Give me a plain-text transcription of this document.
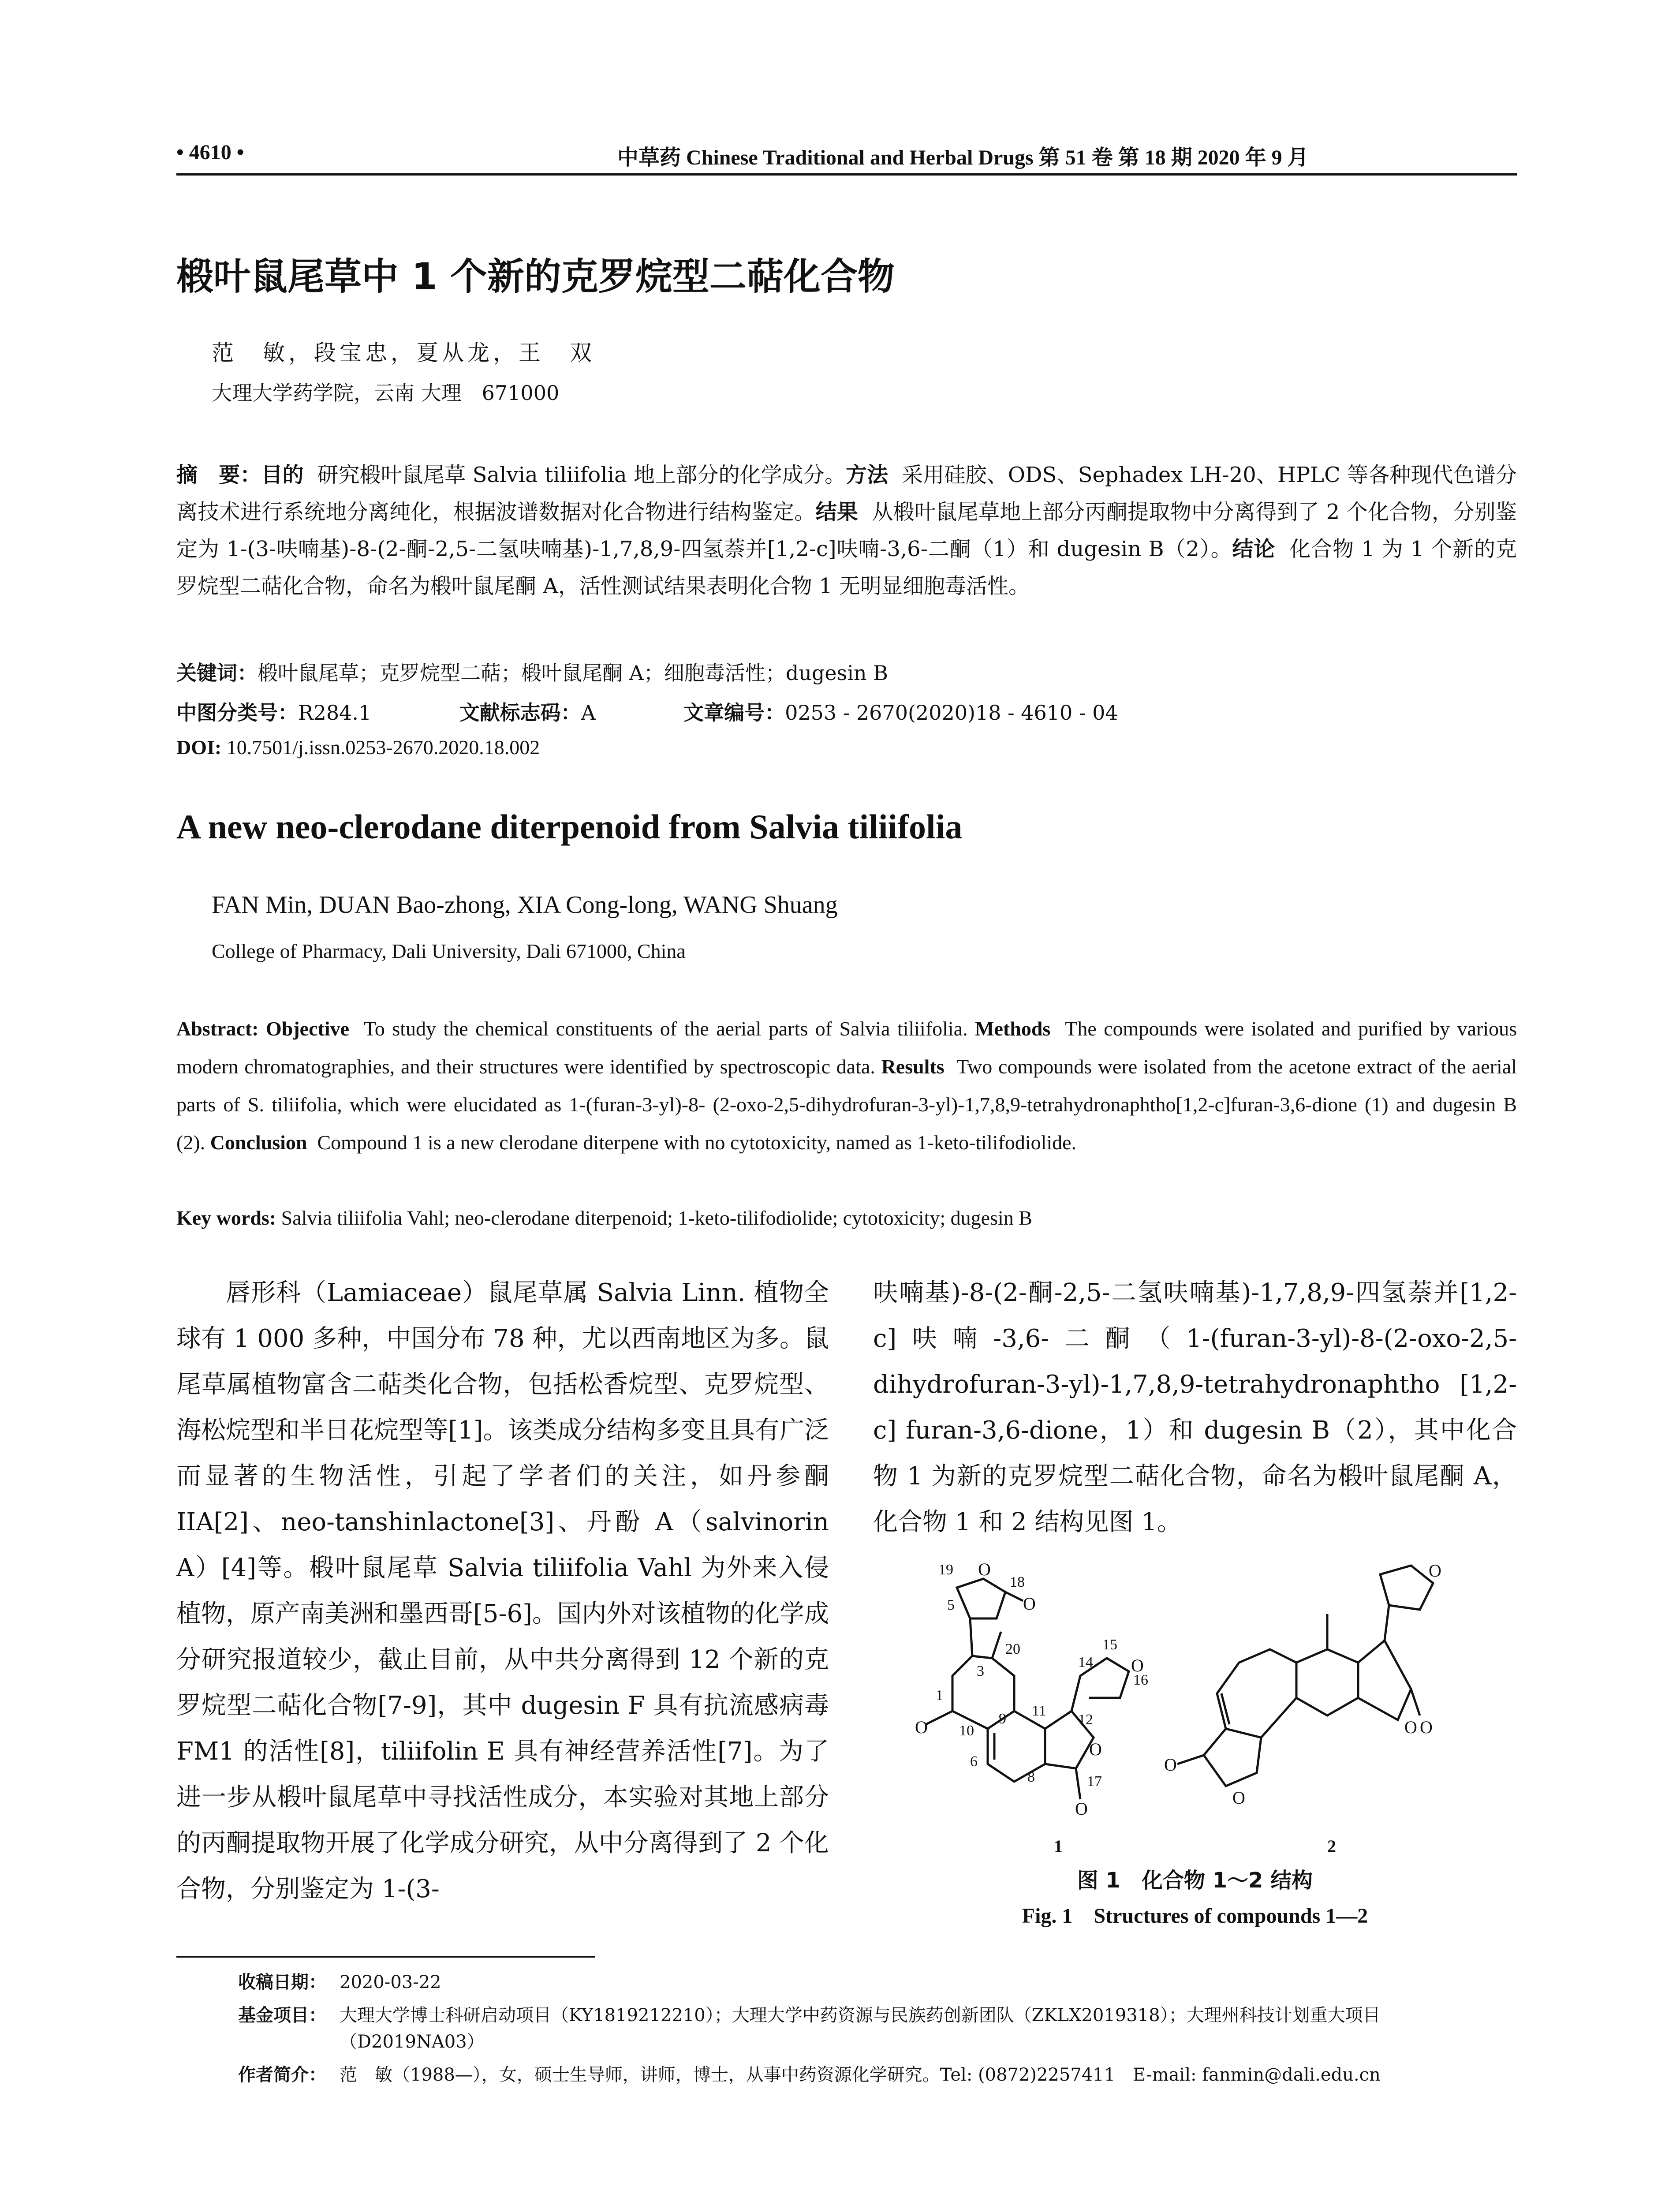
• 4610 •	中草药 Chinese Traditional and Herbal Drugs 第 51 卷 第 18 期 2020 年 9 月
椴叶鼠尾草中 1 个新的克罗烷型二萜化合物
范　敏，段宝忠，夏从龙，王　双
大理大学药学院，云南 大理　671000
摘　要：目的 研究椴叶鼠尾草 Salvia tiliifolia 地上部分的化学成分。方法 采用硅胶、ODS、Sephadex LH-20、HPLC 等各种现代色谱分离技术进行系统地分离纯化，根据波谱数据对化合物进行结构鉴定。结果 从椴叶鼠尾草地上部分丙酮提取物中分离得到了 2 个化合物，分别鉴定为 1-(3-呋喃基)-8-(2-酮-2,5-二氢呋喃基)-1,7,8,9-四氢萘并[1,2-c]呋喃-3,6-二酮（1）和 dugesin B（2）。结论 化合物 1 为 1 个新的克罗烷型二萜化合物，命名为椴叶鼠尾酮 A，活性测试结果表明化合物 1 无明显细胞毒活性。
关键词：椴叶鼠尾草；克罗烷型二萜；椴叶鼠尾酮 A；细胞毒活性；dugesin B
中图分类号：R284.1	文献标志码：A	文章编号：0253 - 2670(2020)18 - 4610 - 04
DOI: 10.7501/j.issn.0253-2670.2020.18.002
A new neo-clerodane diterpenoid from Salvia tiliifolia
FAN Min, DUAN Bao-zhong, XIA Cong-long, WANG Shuang
College of Pharmacy, Dali University, Dali 671000, China
Abstract: Objective To study the chemical constituents of the aerial parts of Salvia tiliifolia. Methods The compounds were isolated and purified by various modern chromatographies, and their structures were identified by spectroscopic data. Results Two compounds were isolated from the acetone extract of the aerial parts of S. tiliifolia, which were elucidated as 1-(furan-3-yl)-8- (2-oxo-2,5-dihydrofuran-3-yl)-1,7,8,9-tetrahydronaphtho[1,2-c]furan-3,6-dione (1) and dugesin B (2). Conclusion Compound 1 is a new clerodane diterpene with no cytotoxicity, named as 1-keto-tilifodiolide.
Key words: Salvia tiliifolia Vahl; neo-clerodane diterpenoid; 1-keto-tilifodiolide; cytotoxicity; dugesin B
唇形科（Lamiaceae）鼠尾草属 Salvia Linn. 植物全球有 1 000 多种，中国分布 78 种，尤以西南地区为多。鼠尾草属植物富含二萜类化合物，包括松香烷型、克罗烷型、海松烷型和半日花烷型等[1]。该类成分结构多变且具有广泛而显著的生物活性，引起了学者们的关注，如丹参酮 IIA[2]、neo-tanshinlactone[3]、丹酚 A（salvinorin A）[4]等。椴叶鼠尾草 Salvia tiliifolia Vahl 为外来入侵植物，原产南美洲和墨西哥[5-6]。国内外对该植物的化学成分研究报道较少，截止目前，从中共分离得到 12 个新的克罗烷型二萜化合物[7-9]，其中 dugesin F 具有抗流感病毒 FM1 的活性[8]，tiliifolin E 具有神经营养活性[7]。为了进一步从椴叶鼠尾草中寻找活性成分，本实验对其地上部分的丙酮提取物开展了化学成分研究，从中分离得到了 2 个化合物，分别鉴定为 1-(3-
呋喃基)-8-(2-酮-2,5-二氢呋喃基)-1,7,8,9-四氢萘并[1,2-c]呋喃-3,6-二酮（1-(furan-3-yl)-8-(2-oxo-2,5-dihydrofuran-3-yl)-1,7,8,9-tetrahydronaphtho [1,2-c] furan-3,6-dione，1）和 dugesin B（2），其中化合物 1 为新的克罗烷型二萜化合物，命名为椴叶鼠尾酮 A，化合物 1 和 2 结构见图 1。
19
18
5
15
14
16
3
20
1
9 11
12
10
6
8	17
O
O
O
O
O
O
1
O
O O
O
O
2
图 1　化合物 1～2 结构
Fig. 1　Structures of compounds 1—2
收稿日期： 2020-03-22
基金项目： 大理大学博士科研启动项目（KY1819212210）；大理大学中药资源与民族药创新团队（ZKLX2019318）；大理州科技计划重大项目（D2019NA03）
作者简介： 范　敏（1988—），女，硕士生导师，讲师，博士，从事中药资源化学研究。Tel: (0872)2257411　E-mail: fanmin@dali.edu.cn
